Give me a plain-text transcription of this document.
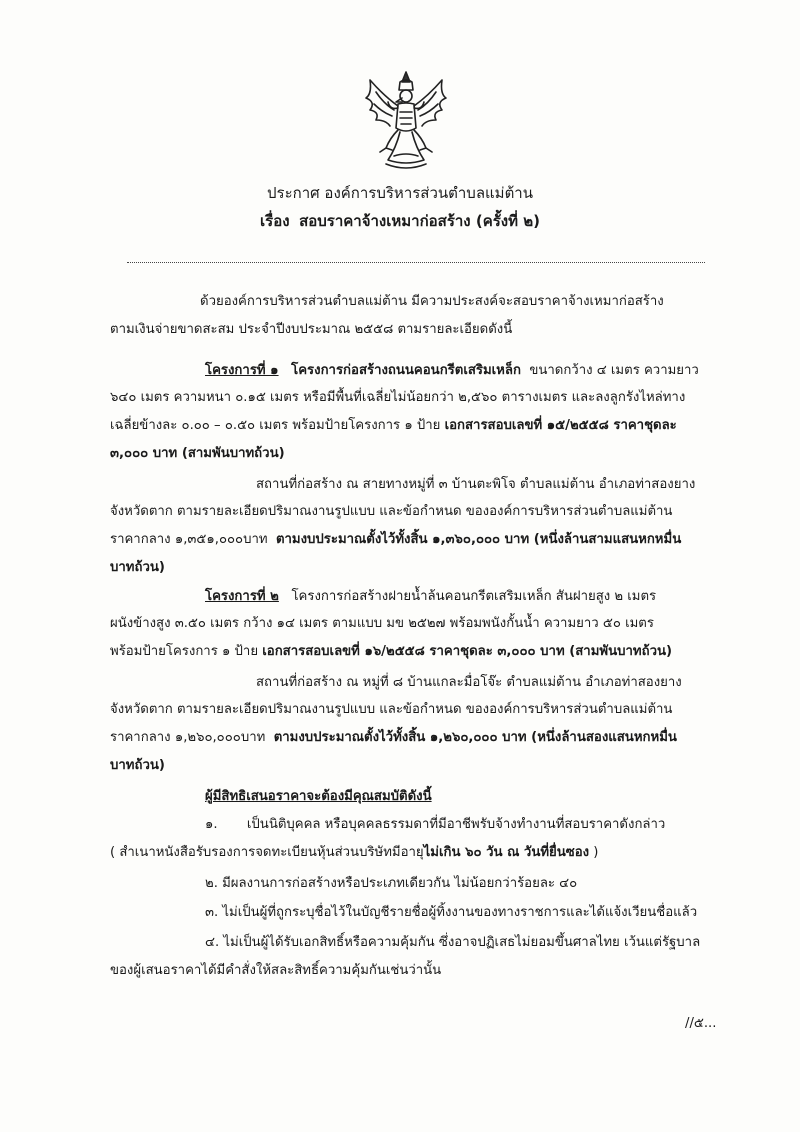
ประกาศ องค์การบริหารส่วนตำบลแม่ต้าน
เรื่อง สอบราคาจ้างเหมาก่อสร้าง (ครั้งที่ ๒)
ด้วยองค์การบริหารส่วนตำบลแม่ต้าน มีความประสงค์จะสอบราคาจ้างเหมาก่อสร้าง
ตามเงินจ่ายขาดสะสม ประจำปีงบประมาณ ๒๕๕๘ ตามรายละเอียดดังนี้
โครงการที่ ๑ โครงการก่อสร้างถนนคอนกรีตเสริมเหล็ก ขนาดกว้าง ๔ เมตร ความยาว
๖๔๐ เมตร ความหนา ๐.๑๕ เมตร หรือมีพื้นที่เฉลี่ยไม่น้อยกว่า ๒,๕๖๐ ตารางเมตร และลงลูกรังไหล่ทาง
เฉลี่ยข้างละ ๐.๐๐ – ๐.๕๐ เมตร พร้อมป้ายโครงการ ๑ ป้าย เอกสารสอบเลขที่ ๑๕/๒๕๕๘ ราคาชุดละ
๓,๐๐๐ บาท (สามพันบาทถ้วน)
สถานที่ก่อสร้าง ณ สายทางหมู่ที่ ๓ บ้านตะพิโจ ตำบลแม่ต้าน อำเภอท่าสองยาง
จังหวัดตาก ตามรายละเอียดปริมาณงานรูปแบบ และข้อกำหนด ขององค์การบริหารส่วนตำบลแม่ต้าน
ราคากลาง ๑,๓๕๑,๐๐๐บาท ตามงบประมาณตั้งไว้ทั้งสิ้น ๑,๓๖๐,๐๐๐ บาท (หนึ่งล้านสามแสนหกหมื่น
บาทถ้วน)
โครงการที่ ๒ โครงการก่อสร้างฝายน้ำล้นคอนกรีตเสริมเหล็ก สันฝายสูง ๒ เมตร
ผนังข้างสูง ๓.๕๐ เมตร กว้าง ๑๔ เมตร ตามแบบ มข ๒๕๒๗ พร้อมพนังกั้นน้ำ ความยาว ๕๐ เมตร
พร้อมป้ายโครงการ ๑ ป้าย เอกสารสอบเลขที่ ๑๖/๒๕๕๘ ราคาชุดละ ๓,๐๐๐ บาท (สามพันบาทถ้วน)
สถานที่ก่อสร้าง ณ หมู่ที่ ๘ บ้านแกละมื่อโจ๊ะ ตำบลแม่ต้าน อำเภอท่าสองยาง
จังหวัดตาก ตามรายละเอียดปริมาณงานรูปแบบ และข้อกำหนด ขององค์การบริหารส่วนตำบลแม่ต้าน
ราคากลาง ๑,๒๖๐,๐๐๐บาท ตามงบประมาณตั้งไว้ทั้งสิ้น ๑,๒๖๐,๐๐๐ บาท (หนึ่งล้านสองแสนหกหมื่น
บาทถ้วน)
ผู้มีสิทธิเสนอราคาจะต้องมีคุณสมบัติดังนี้
๑. เป็นนิติบุคคล หรือบุคคลธรรมดาที่มีอาชีพรับจ้างทำงานที่สอบราคาดังกล่าว
( สำเนาหนังสือรับรองการจดทะเบียนหุ้นส่วนบริษัทมีอายุไม่เกิน ๖๐ วัน ณ วันที่ยื่นซอง )
๒. มีผลงานการก่อสร้างหรือประเภทเดียวกัน ไม่น้อยกว่าร้อยละ ๔๐
๓. ไม่เป็นผู้ที่ถูกระบุชื่อไว้ในบัญชีรายชื่อผู้ทิ้งงานของทางราชการและได้แจ้งเวียนชื่อแล้ว
๔. ไม่เป็นผู้ได้รับเอกสิทธิ์หรือความคุ้มกัน ซึ่งอาจปฏิเสธไม่ยอมขึ้นศาลไทย เว้นแต่รัฐบาล
ของผู้เสนอราคาได้มีคำสั่งให้สละสิทธิ์ความคุ้มกันเช่นว่านั้น
//๕...
